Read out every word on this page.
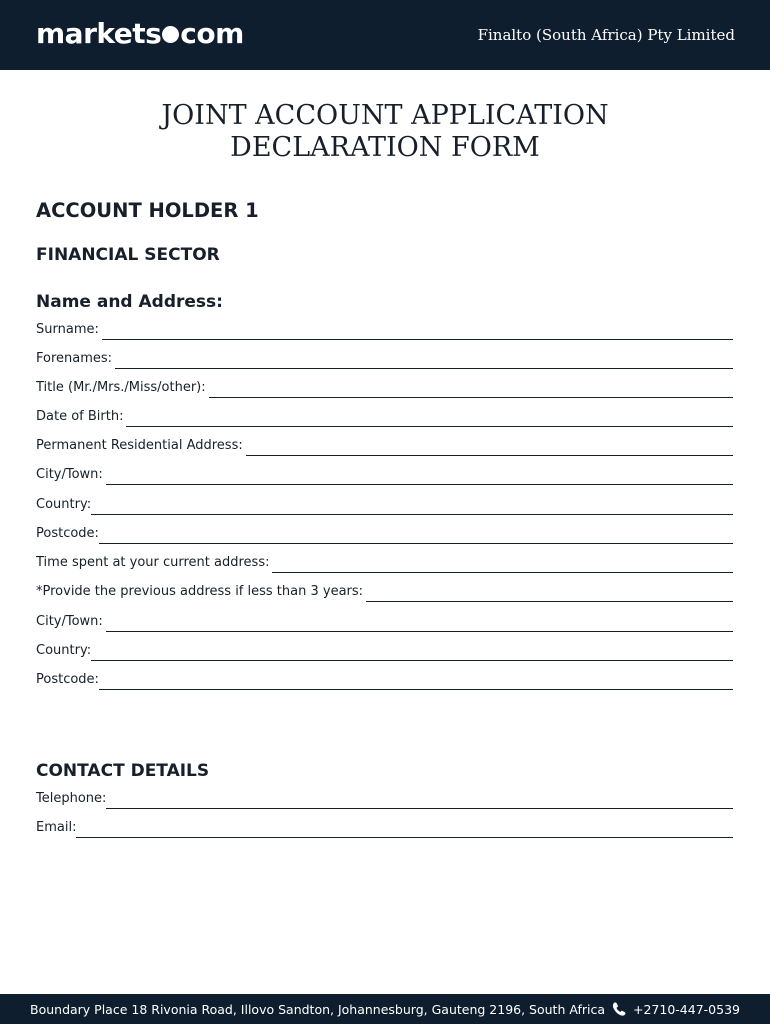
markets com	Finalto (South Africa) Pty Limited
JOINT ACCOUNT APPLICATION
DECLARATION FORM
ACCOUNT HOLDER 1
FINANCIAL SECTOR
Name and Address:
Surname:
Forenames:
Title (Mr./Mrs./Miss/other):
Date of Birth:
Permanent Residential Address:
City/Town:
Country:
Postcode:
Time spent at your current address:
*Provide the previous address if less than 3 years:
City/Town:
Country:
Postcode:
CONTACT DETAILS
Telephone:
Email:
Boundary Place 18 Rivonia Road, Illovo Sandton, Johannesburg, Gauteng 2196, South Africa +2710-447-0539
